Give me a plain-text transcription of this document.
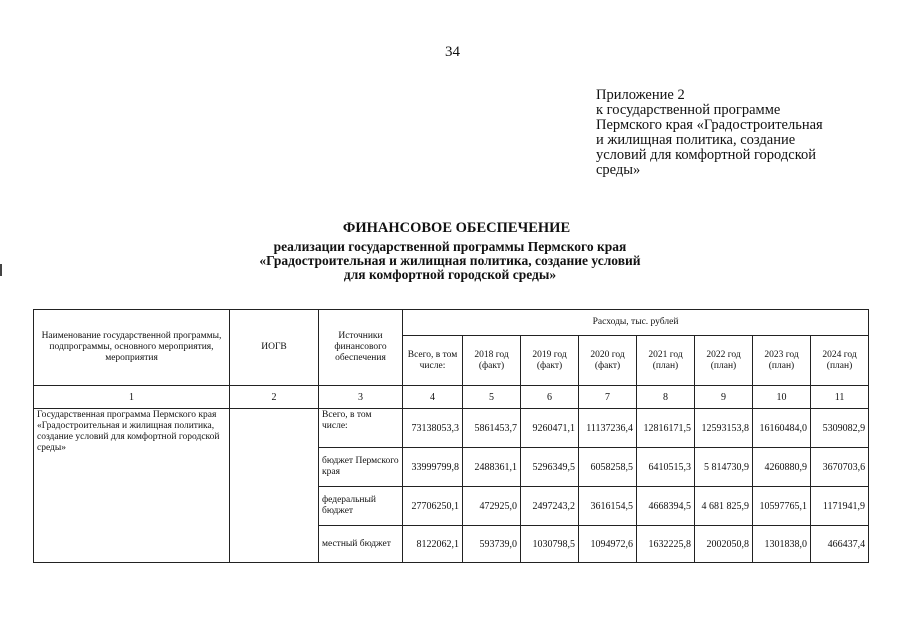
34
Приложение 2
к государственной программе
Пермского края «Градостроительная
и жилищная политика, создание
условий для комфортной городской
среды»
ФИНАНСОВОЕ ОБЕСПЕЧЕНИЕ
реализации государственной программы Пермского края
«Градостроительная и жилищная политика, создание условий
для комфортной городской среды»
Наименование государственной программы, подпрограммы, основного мероприятия, мероприятия	ИОГВ	Источники финансового обеспечения	Расходы, тыс. рублей							
			Всего, в том числе:	2018 год (факт)	2019 год (факт)	2020 год (факт)	2021 год (план)	2022 год (план)	2023 год (план)	2024 год (план)
1	2	3	4	5	6	7	8	9	10	11
Государственная программа Пермского края «Градостроительная и жилищная политика, создание условий для комфортной городской среды»		Всего, в том числе:	73138053,3	5861453,7	9260471,1	11137236,4	12816171,5	12593153,8	16160484,0	5309082,9
		бюджет Пермского края	33999799,8	2488361,1	5296349,5	6058258,5	6410515,3	5 814730,9	4260880,9	3670703,6
		федеральный бюджет	27706250,1	472925,0	2497243,2	3616154,5	4668394,5	4 681 825,9	10597765,1	1171941,9
		местный бюджет	8122062,1	593739,0	1030798,5	1094972,6	1632225,8	2002050,8	1301838,0	466437,4
